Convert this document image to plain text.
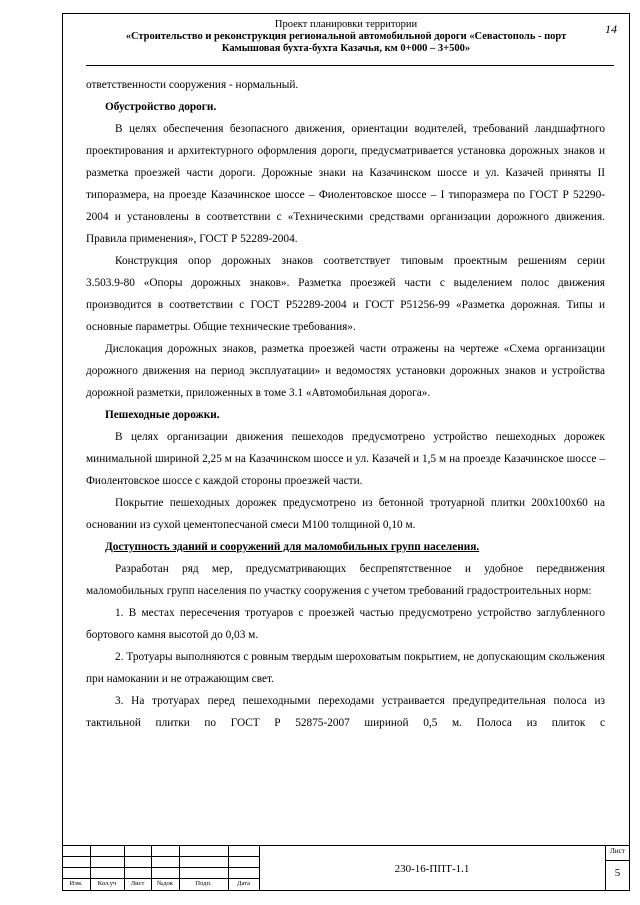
Проект планировки территории
«Строительство и реконструкция региональной автомобильной дороги «Севастополь - порт
Камышовая бухта-бухта Казачья, км 0+000 – 3+500»
14

ответственности сооружения - нормальный.

Обустройство дороги.

В целях обеспечения безопасного движения, ориентации водителей, требований ландшафтного проектирования и архитектурного оформления дороги, предусматривается установка дорожных знаков и разметка проезжей части дороги. Дорожные знаки на Казачинском шоссе и ул. Казачей приняты II типоразмера, на проезде Казачинское шоссе – Фиолентовское шоссе – I типоразмера по ГОСТ Р 52290-2004 и установлены в соответствии с «Техническими средствами организации дорожного движения. Правила применения», ГОСТ Р 52289-2004.

Конструкция опор дорожных знаков соответствует типовым проектным решениям серии

3.503.9-80 «Опоры дорожных знаков». Разметка проезжей части с выделением полос движения производится в соответствии с ГОСТ Р52289-2004 и ГОСТ Р51256-99 «Разметка дорожная. Типы и основные параметры. Общие технические требования».

Дислокация дорожных знаков, разметка проезжей части отражены на чертеже «Схема организации дорожного движения на период эксплуатации» и ведомостях установки дорожных знаков и устройства дорожной разметки, приложенных в томе 3.1 «Автомобильная дорога».

Пешеходные дорожки.

В целях организации движения пешеходов предусмотрено устройство пешеходных дорожек минимальной шириной 2,25 м на Казачинском шоссе и ул. Казачей и 1,5 м на проезде Казачинское шоссе – Фиолентовское шоссе с каждой стороны проезжей части.

Покрытие пешеходных дорожек предусмотрено из бетонной тротуарной плитки 200х100х60 на основании из сухой цементопесчаной смеси М100 толщиной 0,10 м.

Доступность зданий и сооружений для маломобильных групп населения.

Разработан ряд мер, предусматривающих беспрепятственное и удобное передвижения маломобильных групп населения по участку сооружения с учетом требований градостроительных норм:

1. В местах пересечения тротуаров с проезжей частью предусмотрено устройство заглубленного бортового камня высотой до 0,03 м.

2. Тротуары выполняются с ровным твердым шероховатым покрытием, не допускающим скольжения при намокании и не отражающим свет.

3. На тротуарах перед пешеходными переходами устраивается предупредительная полоса из тактильной плитки по ГОСТ Р 52875-2007 шириной 0,5 м. Полоса из плиток с

Изм.	Кол.уч	Лист	№док	Подп.	Дата
230-16-ППТ-1.1
Лист
5
